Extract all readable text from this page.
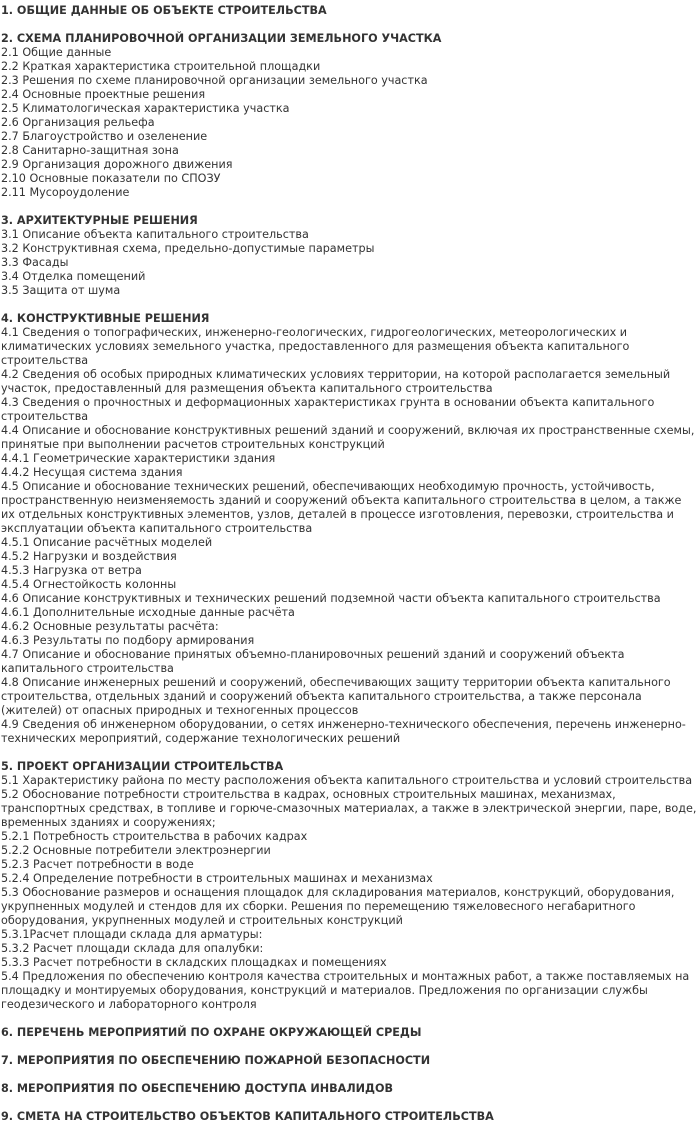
1. ОБЩИЕ ДАННЫЕ ОБ ОБЪЕКТЕ СТРОИТЕЛЬСТВА
2. СХЕМА ПЛАНИРОВОЧНОЙ ОРГАНИЗАЦИИ ЗЕМЕЛЬНОГО УЧАСТКА
2.1 Общие данные
2.2 Краткая характеристика строительной площадки
2.3 Решения по схеме планировочной организации земельного участка
2.4 Основные проектные решения
2.5 Климатологическая характеристика участка
2.6 Организация рельефа
2.7 Благоустройство и озеленение
2.8 Санитарно-защитная зона
2.9 Организация дорожного движения
2.10 Основные показатели по СПОЗУ
2.11 Мусороудоление
3. АРХИТЕКТУРНЫЕ РЕШЕНИЯ
3.1 Описание объекта капитального строительства
3.2 Конструктивная схема, предельно-допустимые параметры
3.3 Фасады
3.4 Отделка помещений
3.5 Защита от шума
4. КОНСТРУКТИВНЫЕ РЕШЕНИЯ
4.1 Сведения о топографических, инженерно-геологических, гидрогеологических, метеорологических и климатических условиях земельного участка, предоставленного для размещения объекта капитального строительства
4.2 Сведения об особых природных климатических условиях территории, на которой располагается земельный участок, предоставленный для размещения объекта капитального строительства
4.3 Сведения о прочностных и деформационных характеристиках грунта в основании объекта капитального строительства
4.4 Описание и обоснование конструктивных решений зданий и сооружений, включая их пространственные схемы, принятые при выполнении расчетов строительных конструкций
4.4.1 Геометрические характеристики здания
4.4.2 Несущая система здания
4.5 Описание и обоснование технических решений, обеспечивающих необходимую прочность, устойчивость, пространственную неизменяемость зданий и сооружений объекта капитального строительства в целом, а также их отдельных конструктивных элементов, узлов, деталей в процессе изготовления, перевозки, строительства и эксплуатации объекта капитального строительства
4.5.1 Описание расчётных моделей
4.5.2 Нагрузки и воздействия
4.5.3 Нагрузка от ветра
4.5.4 Огнестойкость колонны
4.6 Описание конструктивных и технических решений подземной части объекта капитального строительства
4.6.1 Дополнительные исходные данные расчёта
4.6.2 Основные результаты расчёта:
4.6.3 Результаты по подбору армирования
4.7 Описание и обоснование принятых объемно-планировочных решений зданий и сооружений объекта капитального строительства
4.8 Описание инженерных решений и сооружений, обеспечивающих защиту территории объекта капитального строительства, отдельных зданий и сооружений объекта капитального строительства, а также персонала (жителей) от опасных природных и техногенных процессов
4.9 Сведения об инженерном оборудовании, о сетях инженерно-технического обеспечения, перечень инженерно-технических мероприятий, содержание технологических решений
5. ПРОЕКТ ОРГАНИЗАЦИИ СТРОИТЕЛЬСТВА
5.1 Характеристику района по месту расположения объекта капитального строительства и условий строительства
5.2 Обоснование потребности строительства в кадрах, основных строительных машинах, механизмах, транспортных средствах, в топливе и горюче-смазочных материалах, а также в электрической энергии, паре, воде, временных зданиях и сооружениях;
5.2.1 Потребность строительства в рабочих кадрах
5.2.2 Основные потребители электроэнергии
5.2.3 Расчет потребности в воде
5.2.4 Определение потребности в строительных машинах и механизмах
5.3 Обоснование размеров и оснащения площадок для складирования материалов, конструкций, оборудования, укрупненных модулей и стендов для их сборки. Решения по перемещению тяжеловесного негабаритного оборудования, укрупненных модулей и строительных конструкций
5.3.1Расчет площади склада для арматуры:
5.3.2 Расчет площади склада для опалубки:
5.3.3 Расчет потребности в складских площадках и помещениях
5.4 Предложения по обеспечению контроля качества строительных и монтажных работ, а также поставляемых на площадку и монтируемых оборудования, конструкций и материалов. Предложения по организации службы геодезического и лабораторного контроля
6. ПЕРЕЧЕНЬ МЕРОПРИЯТИЙ ПО ОХРАНЕ ОКРУЖАЮЩЕЙ СРЕДЫ
7. МЕРОПРИЯТИЯ ПО ОБЕСПЕЧЕНИЮ ПОЖАРНОЙ БЕЗОПАСНОСТИ
8. МЕРОПРИЯТИЯ ПО ОБЕСПЕЧЕНИЮ ДОСТУПА ИНВАЛИДОВ
9. СМЕТА НА СТРОИТЕЛЬСТВО ОБЪЕКТОВ КАПИТАЛЬНОГО СТРОИТЕЛЬСТВА
